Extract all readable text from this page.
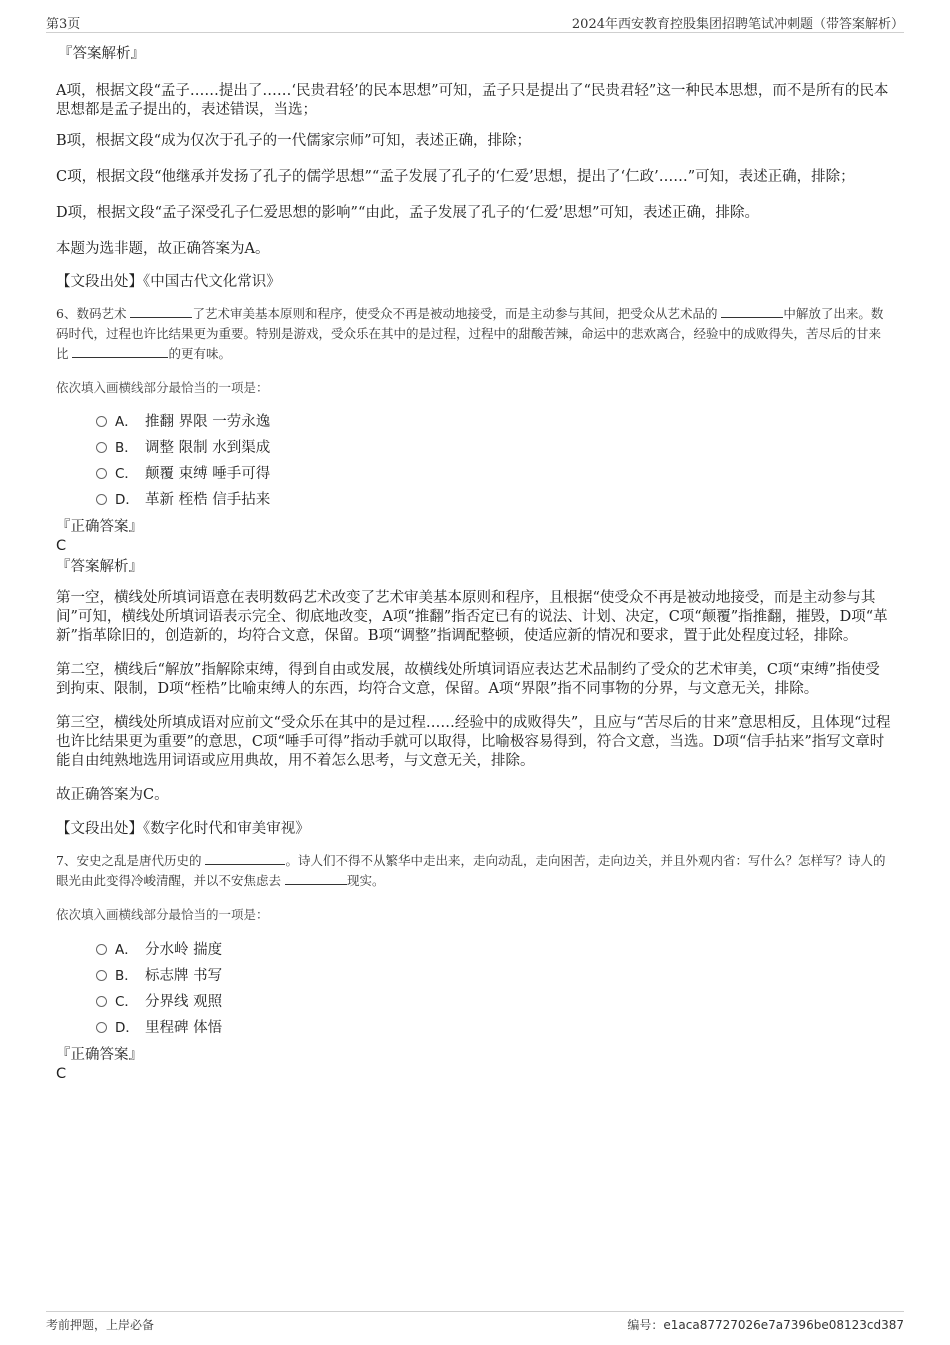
第3页	2024年西安教育控股集团招聘笔试冲刺题（带答案解析）

『答案解析』

A项，根据文段“孟子……提出了……‘民贵君轻’的民本思想”可知，孟子只是提出了“民贵君轻”这一种民本思想，而不是所有的民本思想都是孟子提出的，表述错误，当选；

B项，根据文段“成为仅次于孔子的一代儒家宗师”可知，表述正确，排除；

C项，根据文段“他继承并发扬了孔子的儒学思想”“孟子发展了孔子的‘仁爱’思想，提出了‘仁政’……”可知，表述正确，排除；

D项，根据文段“孟子深受孔子仁爱思想的影响”“由此，孟子发展了孔子的‘仁爱’思想”可知，表述正确，排除。

本题为选非题，故正确答案为A。

【文段出处】《中国古代文化常识》

6、数码艺术	了艺术审美基本原则和程序，使受众不再是被动地接受，而是主动参与其间，把受众从艺术品的	中解放了出来。数码时代，过程也许比结果更为重要。特别是游戏，受众乐在其中的是过程，过程中的甜酸苦辣，命运中的悲欢离合，经验中的成败得失，苦尽后的甘来比	的更有味。

依次填入画横线部分最恰当的一项是：

A． 推翻 界限 一劳永逸
B． 调整 限制 水到渠成
C． 颠覆 束缚 唾手可得
D． 革新 桎梏 信手拈来

『正确答案』

C

『答案解析』

第一空，横线处所填词语意在表明数码艺术改变了艺术审美基本原则和程序，且根据“使受众不再是被动地接受，而是主动参与其间”可知，横线处所填词语表示完全、彻底地改变，A项“推翻”指否定已有的说法、计划、决定，C项“颠覆”指推翻，摧毁，D项“革新”指革除旧的，创造新的，均符合文意，保留。B项“调整”指调配整顿，使适应新的情况和要求，置于此处程度过轻，排除。

第二空，横线后“解放”指解除束缚，得到自由或发展，故横线处所填词语应表达艺术品制约了受众的艺术审美，C项“束缚”指使受到拘束、限制，D项“桎梏”比喻束缚人的东西，均符合文意，保留。A项“界限”指不同事物的分界，与文意无关，排除。

第三空，横线处所填成语对应前文“受众乐在其中的是过程……经验中的成败得失”，且应与“苦尽后的甘来”意思相反，且体现“过程也许比结果更为重要”的意思，C项“唾手可得”指动手就可以取得，比喻极容易得到，符合文意，当选。D项“信手拈来”指写文章时能自由纯熟地选用词语或应用典故，用不着怎么思考，与文意无关，排除。

故正确答案为C。

【文段出处】《数字化时代和审美审视》

7、安史之乱是唐代历史的	。诗人们不得不从繁华中走出来，走向动乱，走向困苦，走向边关，并且外观内省：写什么？怎样写？诗人的眼光由此变得冷峻清醒，并以不安焦虑去	现实。

依次填入画横线部分最恰当的一项是：

A． 分水岭 揣度
B． 标志牌 书写
C． 分界线 观照
D． 里程碑 体悟

『正确答案』

C

考前押题，上岸必备	编号：e1aca87727026e7a7396be08123cd387
